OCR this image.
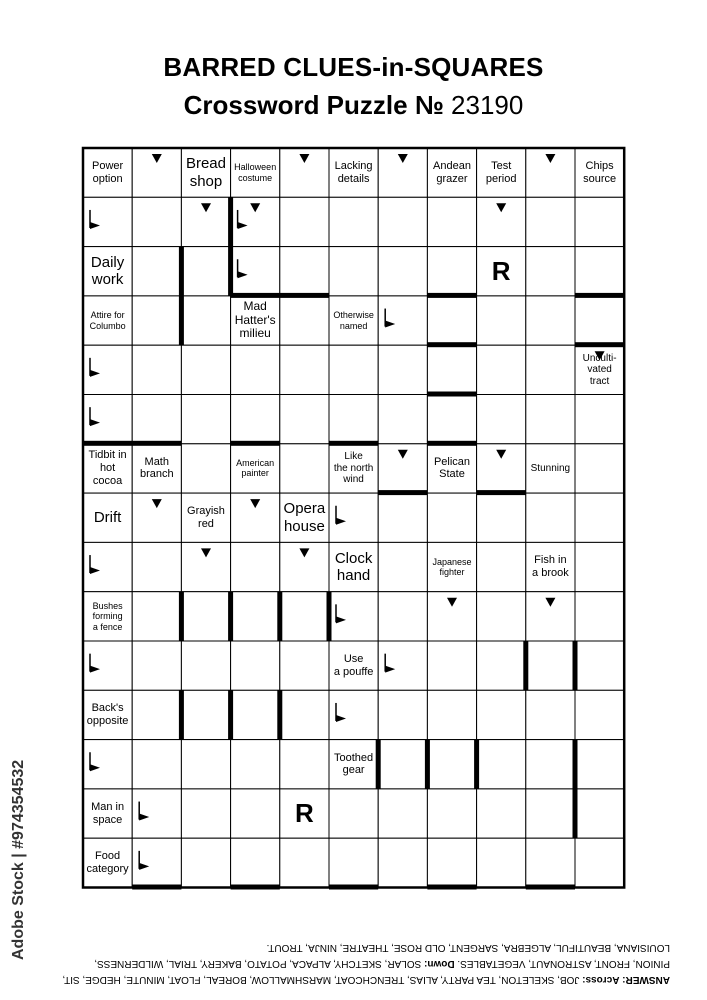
BARRED CLUES-in-SQUARES
Crossword Puzzle № 23190
Power
option
Bread
shop
Halloween
costume
Lacking
details
Andean
grazer
Test
period
Chips
source
Daily
work
Attire for
Columbo
Mad
Hatter's
milieu
Otherwise
named
Unculti-
vated
tract
Tidbit in
hot
cocoa
Math
branch
American
painter
Like
the north
wind
Pelican
State
Stunning
Drift	Grayish
red
Opera
house
Clock
hand
Japanese
fighter
Fish in
a brook
Bushes
forming
a fence
Use
a pouffe
Back's
opposite
Toothed
gear
Man in
space
Food
category
R
R
ANSWER: Across: JOB, SKELETON, TEA PARTY, ALIAS, TRENCHCOAT, MARSHMALLOW, BOREAL, FLOAT, MINUTE, HEDGE, SIT, PINION, FRONT, ASTRONAUT, VEGETABLES. Down: SOLAR, SKETCHY, ALPACA, POTATO, BAKERY, TRIAL, WILDERNESS, LOUISIANA, BEAUTIFUL, ALGEBRA, SARGENT, OLD ROSE, THEATRE, NINJA, TROUT.
Adobe Stock | #974354532
